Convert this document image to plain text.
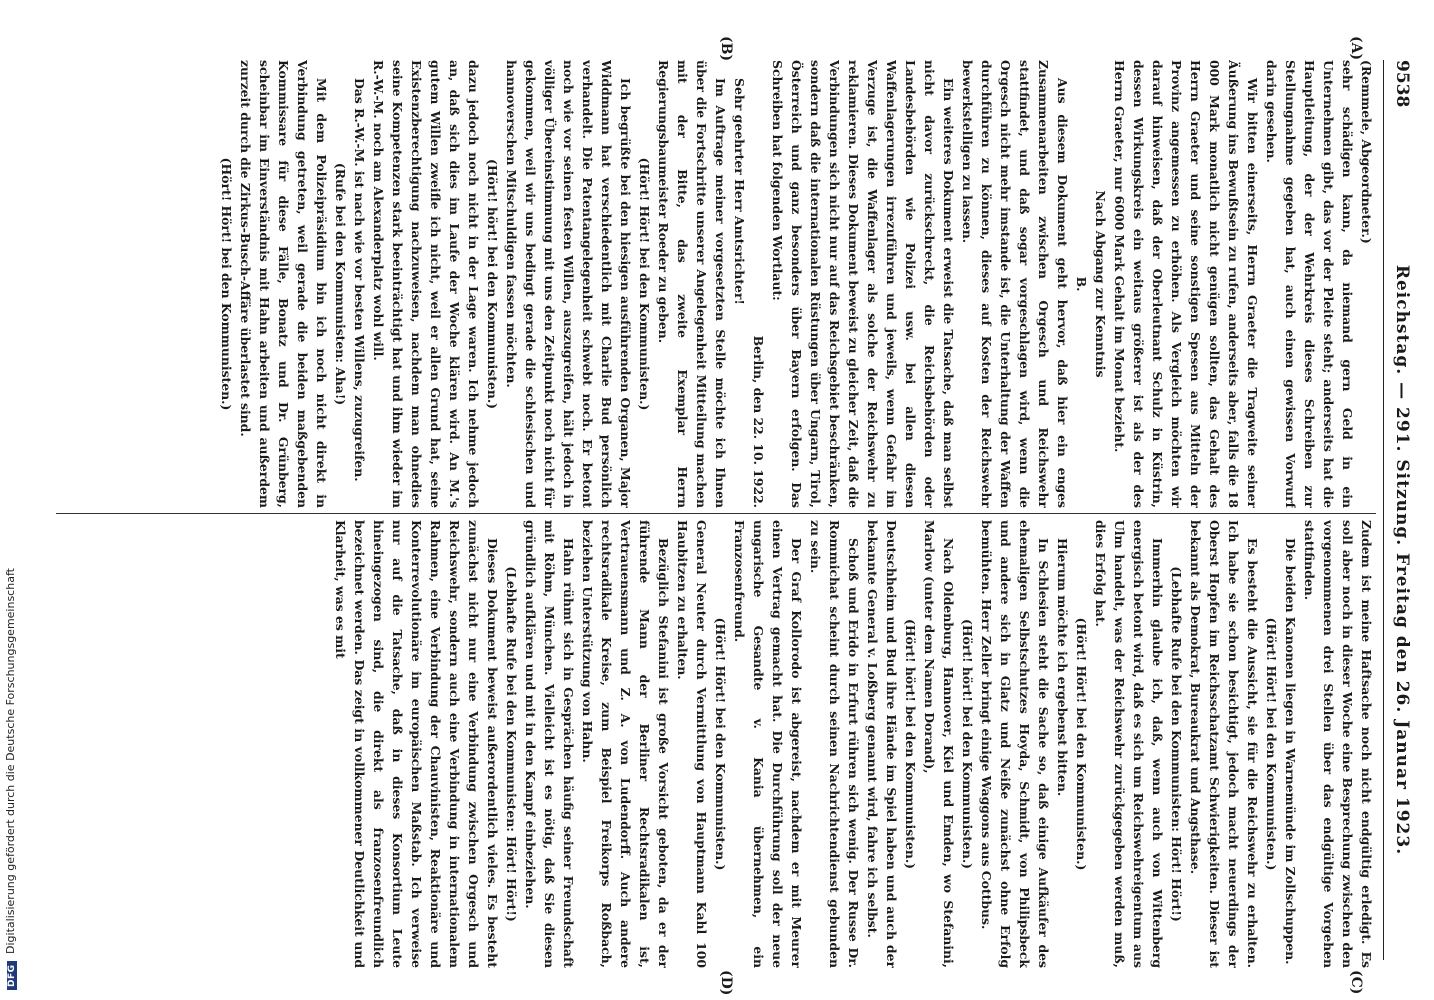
9538
Reichstag. — 291. Sitzung. Freitag den 26. Januar 1923.
(A)
(B)
(C)
(D)

(Remmele, Abgeordneter.)

sehr schädigen kann, da niemand gern Geld in ein Unternehmen gibt, das vor der Pleite steht; anderseits hat die Hauptleitung, der der Wehrkreis dieses Schreiben zur Stellungnahme gegeben hat, auch einen gewissen Vorwurf darin gesehen.

Wir bitten einerseits, Herrn Graeter die Tragweite seiner Äußerung ins Bewußtsein zu rufen, anderseits aber, falls die 18 000 Mark monatlich nicht genügen sollten, das Gehalt des Herrn Graeter und seine sonstigen Spesen aus Mitteln der Provinz angemessen zu erhöhen. Als Vergleich möchten wir darauf hinweisen, daß der Oberleutnant Schulz in Küstrin, dessen Wirkungskreis ein weitaus größerer ist als der des Herrn Graeter, nur 6000 Mark Gehalt im Monat bezieht.

Nach Abgang zur Kenntnis

B.

Aus diesem Dokument geht hervor, daß hier ein enges Zusammenarbeiten zwischen Orgesch und Reichswehr stattfindet, und daß sogar vorgeschlagen wird, wenn die Orgesch nicht mehr imstande ist, die Unterhaltung der Waffen durchführen zu können, dieses auf Kosten der Reichswehr bewerkstelligen zu lassen.

Ein weiteres Dokument erweist die Tatsache, daß man selbst nicht davor zurückschreckt, die Reichsbehörden oder Landesbehörden wie Polizei usw. bei allen diesen Waffenlagerungen irrezuführen und jeweils, wenn Gefahr im Verzuge ist, die Waffenlager als solche der Reichswehr zu reklamieren. Dieses Dokument beweist zu gleicher Zeit, daß die Verbindungen sich nicht nur auf das Reichsgebiet beschränken, sondern daß die internationalen Rüstungen über Ungarn, Tirol, Österreich und ganz besonders über Bayern erfolgen. Das Schreiben hat folgenden Wortlaut:

Berlin, den 22. 10. 1922.

Sehr geehrter Herr Amtsrichter!

Im Auftrage meiner vorgesetzten Stelle möchte ich Ihnen über die Fortschritte unserer Angelegenheit Mitteilung machen mit der Bitte, das zweite Exemplar Herrn Regierungsbaumeister Roeder zu geben.

(Hört! Hört! bei den Kommunisten.)

Ich begrüßte bei den hiesigen ausführenden Organen, Major Widdmann hat verschiedentlich mit Charlie Bud persönlich verhandelt. Die Patentangelegenheit schwebt noch. Er betont noch wie vor seinen festen Willen, auszugreifen, hält jedoch in völliger Übereinstimmung mit uns den Zeitpunkt noch nicht für gekommen, weil wir uns bedingt gerade die schlesischen und hannoverschen Mitschuldigen fassen möchten.

(Hört! hört! bei den Kommunisten.)

dazu jedoch noch nicht in der Lage waren. Ich nehme jedoch an, daß sich dies im Laufe der Woche klären wird. An M.'s gutem Willen zweifle ich nicht, weil er allen Grund hat, seine Existenzberechtigung nachzuweisen, nachdem man ohnedies seine Kompetenzen stark beeinträchtigt hat und ihm wieder im R.-W.-M. noch am Alexanderplatz wohl will.

Das R.-W.-M. ist nach wie vor besten Willens, zuzugreifen.

(Rufe bei den Kommunisten: Aha!)

Mit dem Polizeipräsidium bin ich noch nicht direkt in Verbindung getreten, weil gerade die beiden maßgebenden Kommissare für diese Fälle, Bonatz und Dr. Grünberg, scheinbar im Einverständnis mit Hahn arbeiten und außerdem zurzeit durch die Zirkus-Busch-Affäre überlastet sind.

(Hört! Hört! bei den Kommunisten.)

Zudem ist meine Haftsache noch nicht endgültig erledigt. Es soll aber noch in dieser Woche eine Besprechung zwischen den vorgenommenen drei Stellen über das endgültige Vorgehen stattfinden.

Die beiden Kanonen liegen in Warnemünde im Zollschuppen.

(Hört! Hört! bei den Kommunisten.)

Es besteht die Aussicht, sie für die Reichswehr zu erhalten. Ich habe sie schon besichtigt, jedoch macht neuerdings der Oberst Hopfen im Reichsschatzamt Schwierigkeiten. Dieser ist bekannt als Demokrat, Bureaukrat und Angsthase.

(Lebhafte Rufe bei den Kommunisten: Hört! Hört!)

Immerhin glaube ich, daß, wenn auch von Wittenberg energisch betont wird, daß es sich um Reichswehreigentum aus Ulm handelt, was der Reichswehr zurückgegeben werden muß, dies Erfolg hat.

(Hört! Hört! bei den Kommunisten.)

Hierum möchte ich ergebenst bitten.

In Schlesien steht die Sache so, daß einige Aufkäufer des ehemaligen Selbstschutzes Hoyda, Schmidt, von Philipsbeck und andere sich in Glatz und Neiße zunächst ohne Erfolg bemühten. Herr Zeller bringt einige Waggons aus Cottbus.

(Hört! hört! bei den Kommunisten.)

Nach Oldenburg, Hannover, Kiel und Emden, wo Stefanini, Marlow (unter dem Namen Dorand),

(Hört! hört! bei den Kommunisten.)

Deutschheim und Bud ihre Hände im Spiel haben und auch der bekannte General v. Loßberg genannt wird, fahre ich selbst.

Schoß und Erido in Erfurt rühren sich wenig. Der Russe Dr. Rommichat scheint durch seinen Nachrichtendienst gebunden zu sein.

Der Graf Kollorodo ist abgereist, nachdem er mit Meurer einen Vertrag gemacht hat. Die Durchführung soll der neue ungarische Gesandte v. Kania übernehmen, ein Franzosenfreund.

(Hört! Hört! bei den Kommunisten.)

General Neuter durch Vermittlung von Hauptmann Kahl 100 Haubitzen zu erhalten.

Bezüglich Stefanini ist große Vorsicht geboten, da er der führende Mann der Berliner Rechtsradikalen ist, Vertrauensmann und Z. A. von Ludendorff. Auch andere rechtsradikale Kreise, zum Beispiel Freikorps Roßbach, beziehen Unterstützung von Hahn.

Hahn rühmt sich in Gesprächen häufig seiner Freundschaft mit Röhm, München. Vielleicht ist es nötig, daß Sie diesen gründlich aufklären und mit in den Kampf einbeziehen.

(Lebhafte Rufe bei den Kommunisten: Hört! Hört!)

Dieses Dokument beweist außerordentlich vieles. Es besteht zunächst nicht nur eine Verbindung zwischen Orgesch und Reichswehr, sondern auch eine Verbindung in internationalem Rahmen, eine Verbindung der Chauvinisten, Reaktionäre und Konterrevolutionäre im europäischen Maßstab. Ich verweise nur auf die Tatsache, daß in dieses Konsortium Leute hineingezogen sind, die direkt als franzosenfreundlich bezeichnet werden. Das zeigt in vollkommener Deutlichkeit und Klarheit, was es mit

DFG Digitalisierung gefördert durch die Deutsche Forschungsgemeinschaft
